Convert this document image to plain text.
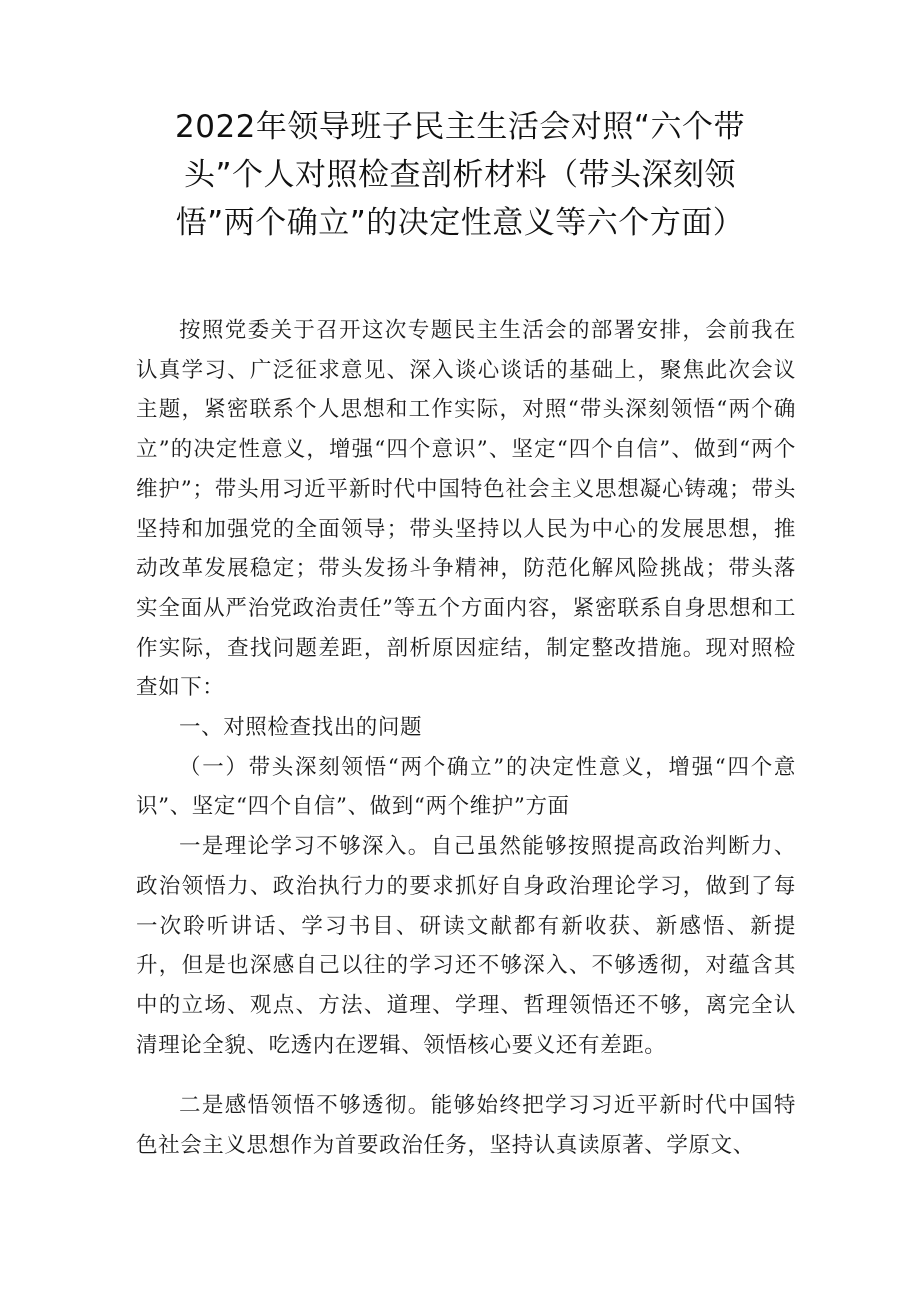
2022年领导班子民主生活会对照“六个带头”个人对照检查剖析材料（带头深刻领悟”两个确立”的决定性意义等六个方面）

按照党委关于召开这次专题民主生活会的部署安排，会前我在认真学习、广泛征求意见、深入谈心谈话的基础上，聚焦此次会议主题，紧密联系个人思想和工作实际，对照“带头深刻领悟“两个确立”的决定性意义，增强“四个意识”、坚定“四个自信”、做到“两个维护”；带头用习近平新时代中国特色社会主义思想凝心铸魂；带头坚持和加强党的全面领导；带头坚持以人民为中心的发展思想，推动改革发展稳定；带头发扬斗争精神，防范化解风险挑战；带头落实全面从严治党政治责任”等五个方面内容，紧密联系自身思想和工作实际，查找问题差距，剖析原因症结，制定整改措施。现对照检查如下：

一、对照检查找出的问题

（一）带头深刻领悟“两个确立”的决定性意义，增强“四个意识”、坚定“四个自信”、做到“两个维护”方面

一是理论学习不够深入。自己虽然能够按照提高政治判断力、政治领悟力、政治执行力的要求抓好自身政治理论学习，做到了每一次聆听讲话、学习书目、研读文献都有新收获、新感悟、新提升，但是也深感自己以往的学习还不够深入、不够透彻，对蕴含其中的立场、观点、方法、道理、学理、哲理领悟还不够，离完全认清理论全貌、吃透内在逻辑、领悟核心要义还有差距。

二是感悟领悟不够透彻。能够始终把学习习近平新时代中国特色社会主义思想作为首要政治任务，坚持认真读原著、学原文、
